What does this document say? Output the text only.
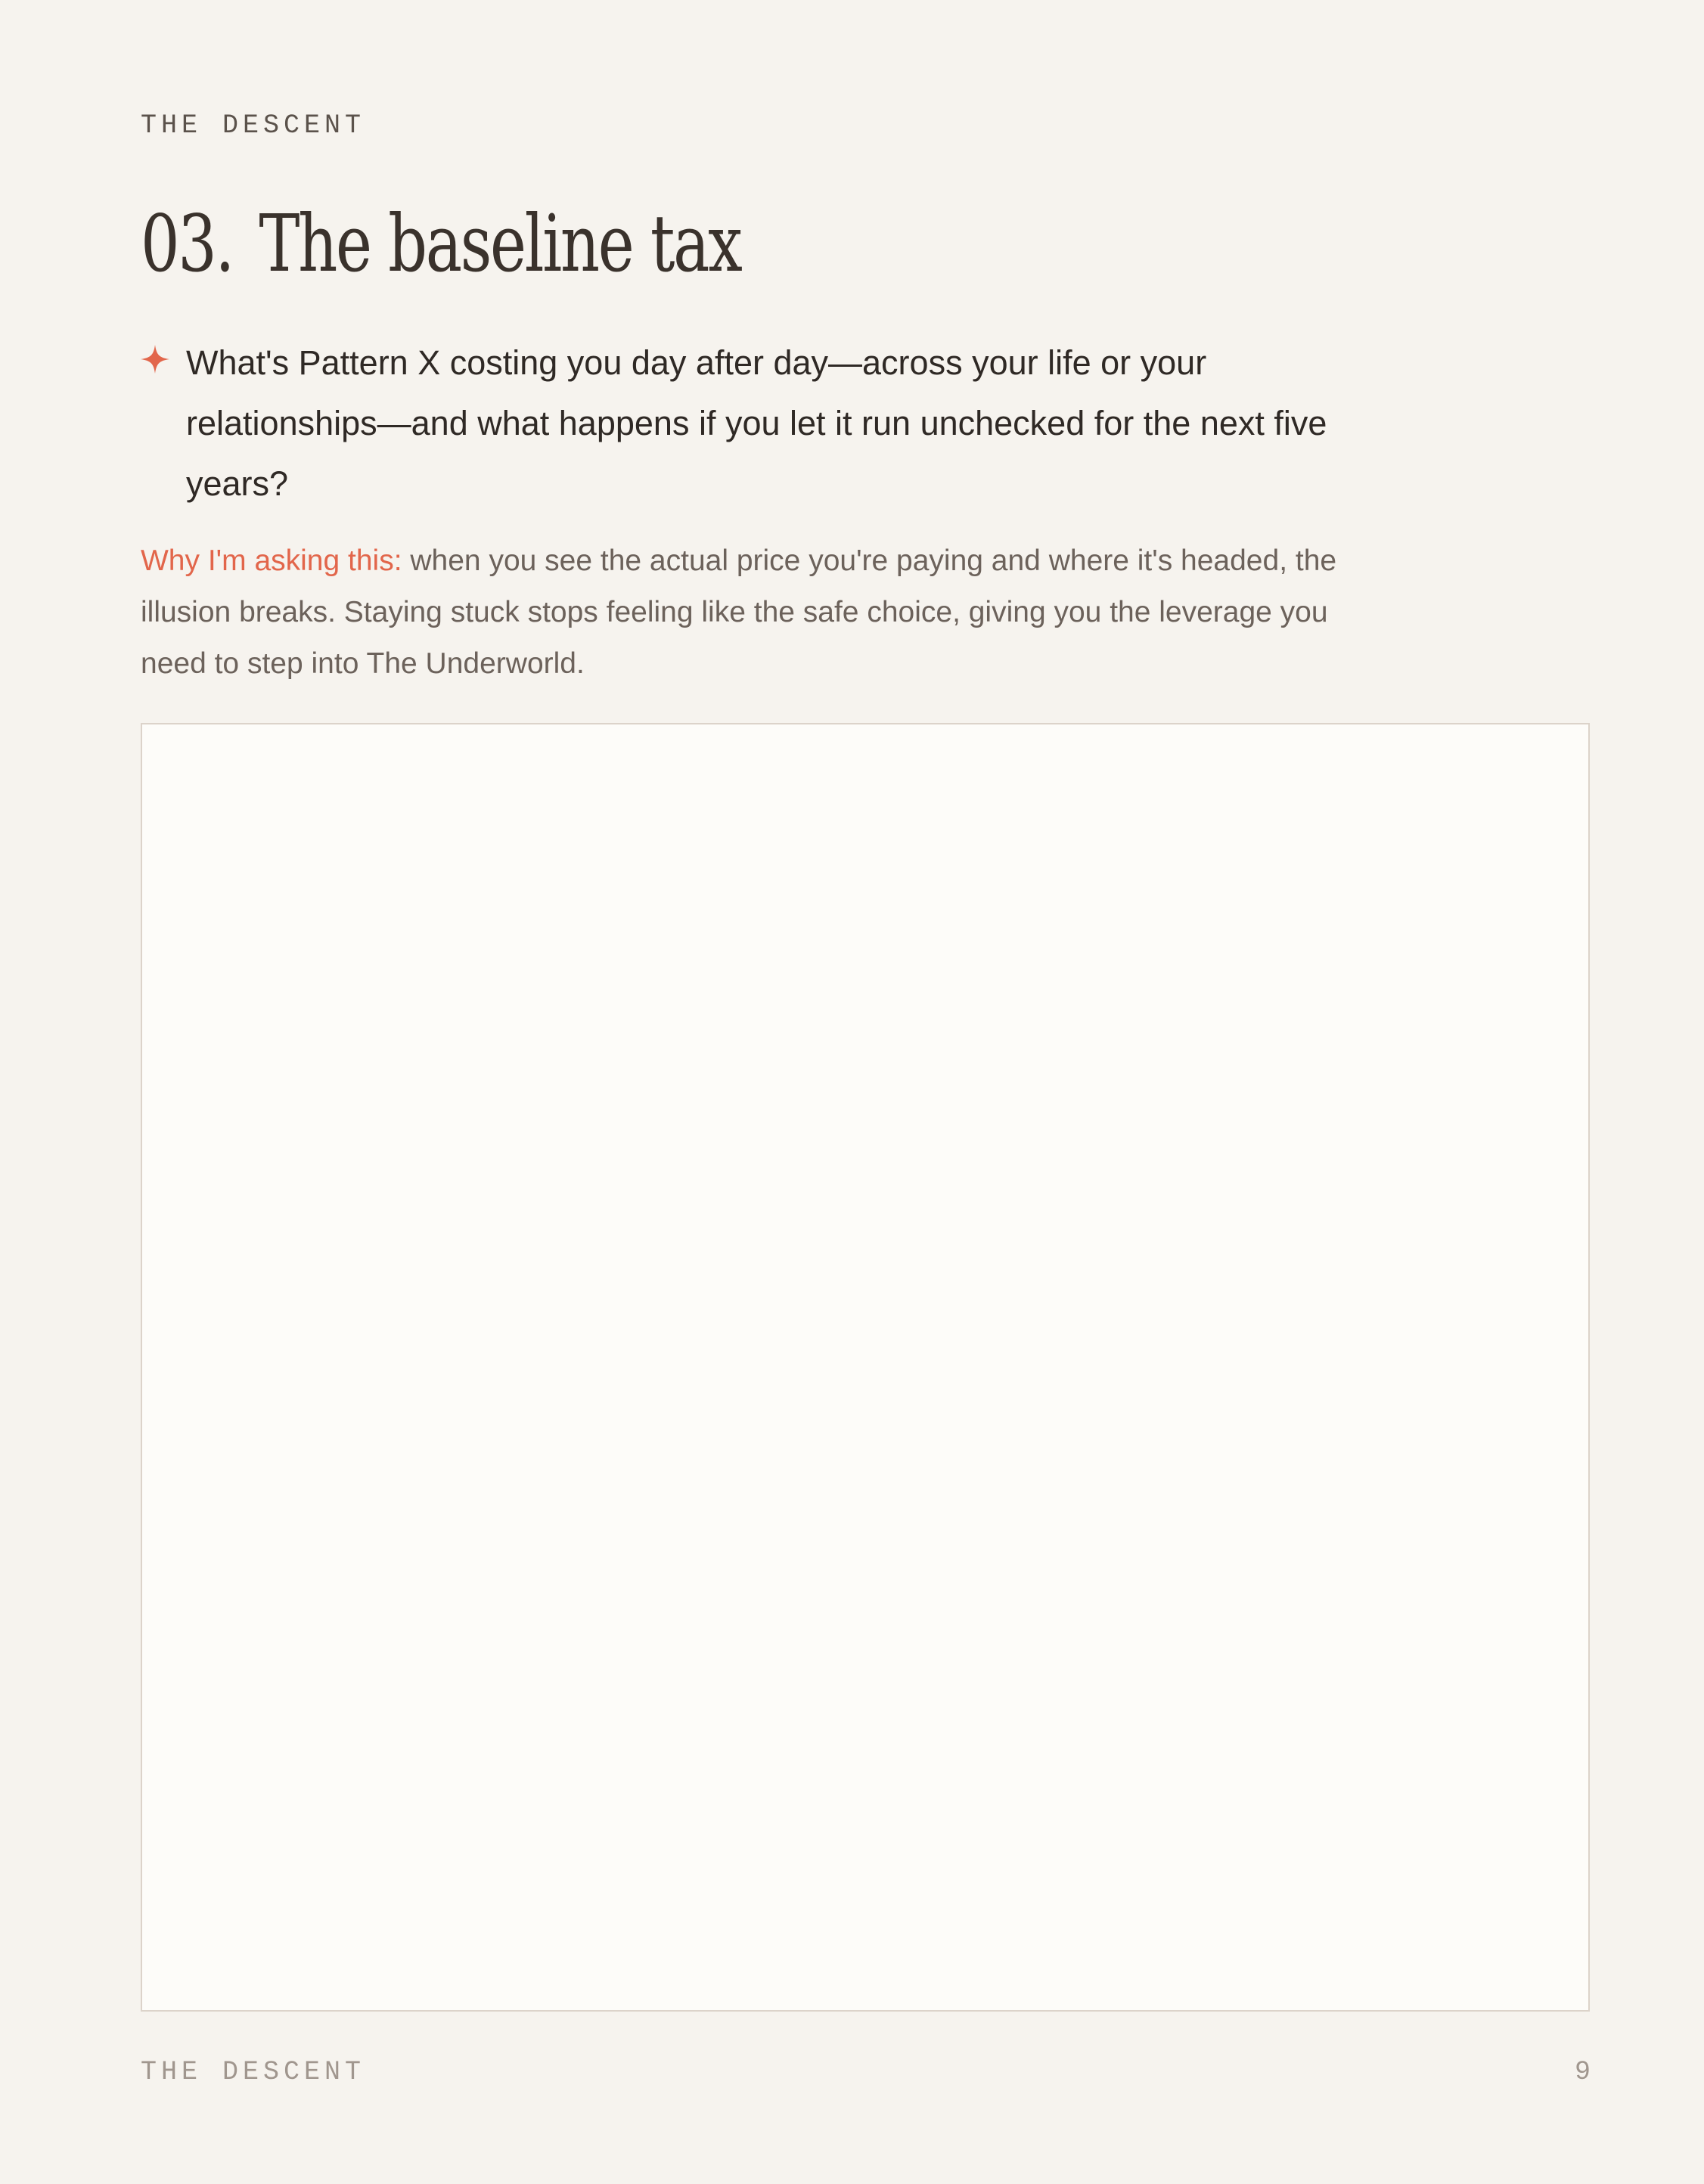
THE DESCENT
03. The baseline tax
What's Pattern X costing you day after day—across your life or your relationships—and what happens if you let it run unchecked for the next five years?
Why I'm asking this: when you see the actual price you're paying and where it's headed, the illusion breaks. Staying stuck stops feeling like the safe choice, giving you the leverage you need to step into The Underworld.
THE DESCENT	9
